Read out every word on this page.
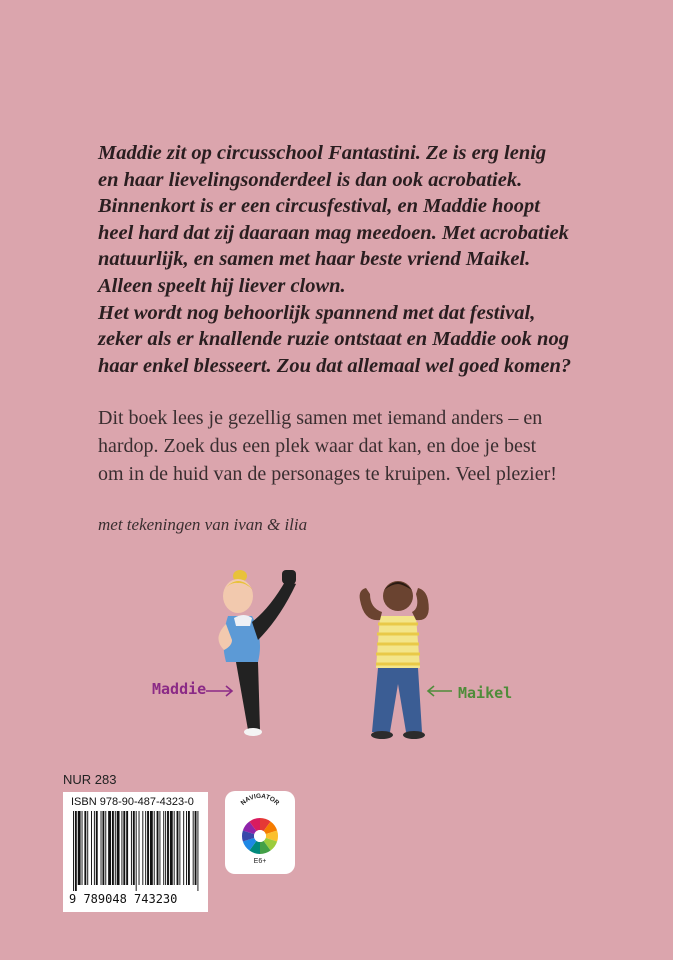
Maddie zit op circusschool Fantastini. Ze is erg lenig
en haar lievelingsonderdeel is dan ook acrobatiek.
Binnenkort is er een circusfestival, en Maddie hoopt
heel hard dat zij daaraan mag meedoen. Met acrobatiek
natuurlijk, en samen met haar beste vriend Maikel.
Alleen speelt hij liever clown.
Het wordt nog behoorlijk spannend met dat festival,
zeker als er knallende ruzie ontstaat en Maddie ook nog
haar enkel blesseert. Zou dat allemaal wel goed komen?
Dit boek lees je gezellig samen met iemand anders – en
hardop. Zoek dus een plek waar dat kan, en doe je best
om in de huid van de personages te kruipen. Veel plezier!
met tekeningen van ivan & ilia
Maddie	Maikel
NUR 283
ISBN 978-90-487-4323-0
9 789048 743230
NAVIGATOR
E6+
